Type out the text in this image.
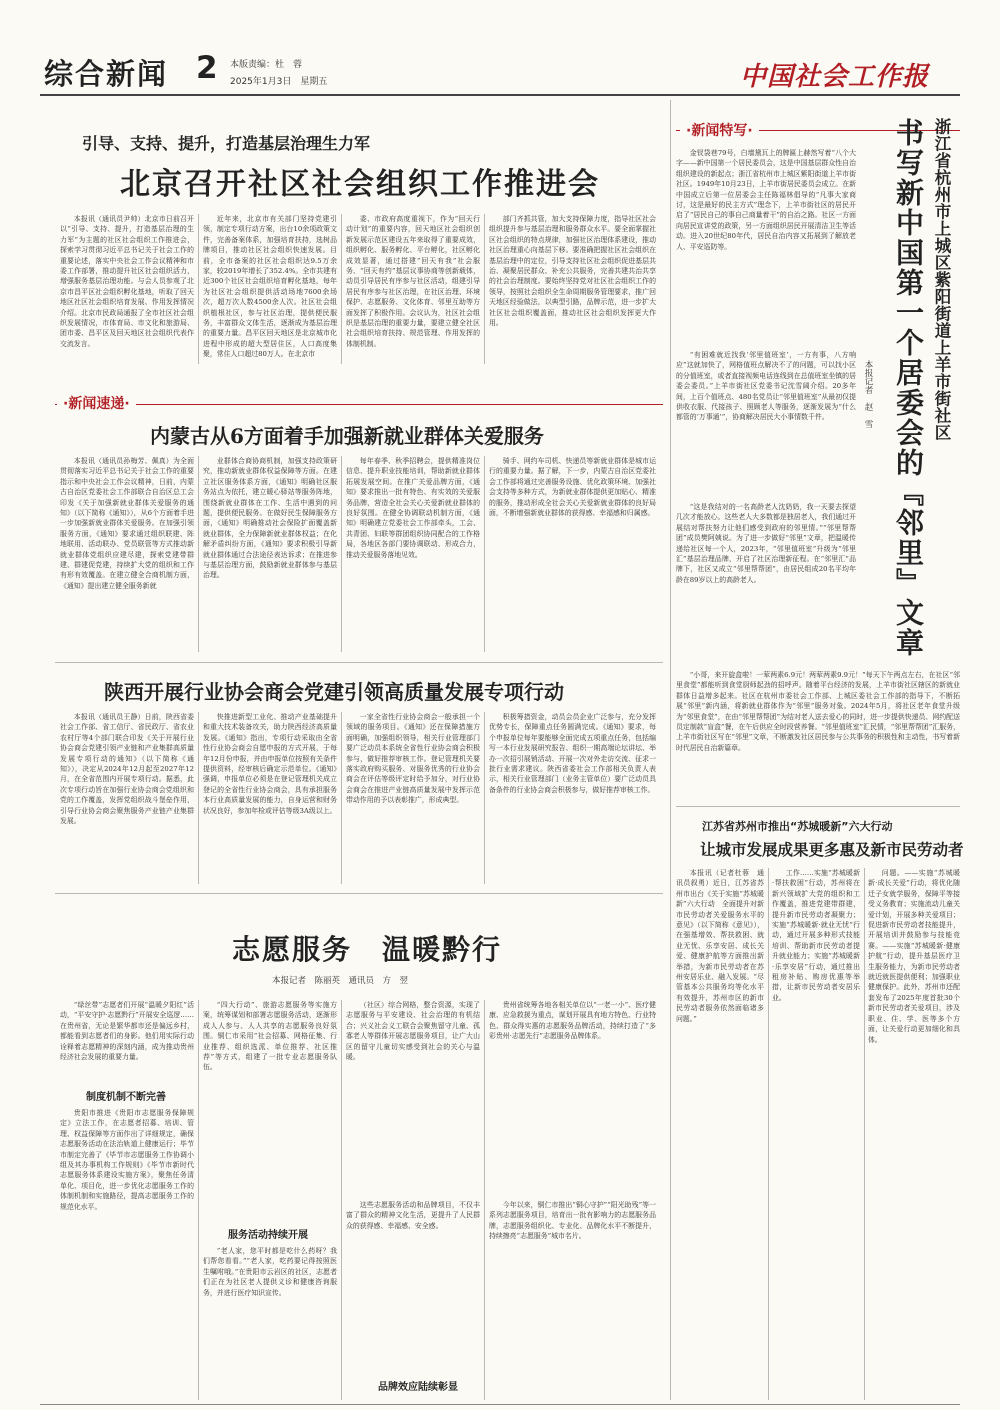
综合新闻 2 本版责编：杜　蓉
2025年1月3日　星期五	中国社会工作报
引导、支持、提升，打造基层治理生力军
北京召开社区社会组织工作推进会

本报讯（通讯员尹帅）北京市日前召开以“引导、支持、提升，打造基层治理的生力军”为主题的社区社会组织工作推进会，探索学习贯彻习近平总书记关于社会工作的重要论述，落实中央社会工作会议精神和市委工作部署，推动提升社区社会组织活力，增强服务基层治理功能。与会人员参观了北京市昌平区社会组织孵化基地，听取了回天地区社区社会组织培育发展、作用发挥情况介绍。北京市民政局通报了全市社区社会组织发展情况，市体育局、市文化和旅游局、团市委、昌平区及回天地区社会组织代表作交流发言。

近年来，北京市有关部门坚持党建引领，制定专项行动方案，出台10余项政策文件，完善备案体系，加强培育扶持，选树品牌项目，推动社区社会组织快速发展。目前，全市备案的社区社会组织达9.5万余家，较2019年增长了352.4%。全市共建有近300个社区社会组织培育孵化基地，每年为社区社会组织提供活动场地7600余场次，超万次人数4500余人次。社区社会组织植根社区，参与社区治理，提供便民服务，丰富群众文体生活，逐渐成为基层治理的重要力量。昌平区回天地区是北京城市化进程中形成的超大型居住区，人口高度集聚，常住人口超过80万人。在北京市

委、市政府高度重视下，作为“回天行动计划”的重要内容，回天地区社会组织创新发展示范区建设五年来取得了重要成效，组织孵化、服务孵化、平台孵化，社区孵化成效显著，通过搭建“回天有我”社会服务、“回天有约”基层议事协商等创新载体，动员引导居民有序参与社区活动，组建引导居民有序参与社区治理，在社区治理、环境保护、志愿服务、文化体育、邻里互助等方面发挥了积极作用。会议认为，社区社会组织是基层治理的重要力量，要建立健全社区社会组织培育扶持、规范管理、作用发挥的体制机制。

部门齐抓共管，加大支持保障力度，指导社区社会组织提升参与基层治理和服务群众水平。要全面掌握社区社会组织的特点规律，加强社区治理体系建设，推动社区治理重心向基层下移。要准确把握社区社会组织在基层治理中的定位，引导支持社区社会组织促进基层共治、凝聚居民群众、补充公共服务，完善共建共治共享的社会治理制度。要始终坚持党对社区社会组织工作的领导，按照社会组织全生命周期服务管理要求，推广回天地区经验做法，以典型引路，品牌示范，进一步扩大社区社会组织覆盖面，推动社区社会组织发挥更大作用。

·新闻速递·
内蒙古从6方面着手加强新就业群体关爱服务

本报讯（通讯员孙梅芳、佩真）为全面贯彻落实习近平总书记关于社会工作的重要指示和中央社会工作会议精神，日前，内蒙古自治区党委社会工作部联合自治区总工会印发《关于加强新就业群体关爱服务的通知》（以下简称《通知》），从6个方面着手进一步加强新就业群体关爱服务。在加强引领服务方面，《通知》要求通过组织联建、阵地联用、活动联办、党员联管等方式推动新就业群体党组织应建尽建，探索党建带群建、群建促党建，持续扩大党的组织和工作有形有效覆盖。在建立健全合商机制方面，《通知》提出建立健全服务新就

业群体合商协商机制，加强支持政策研究，推动新就业群体权益保障等方面。在建立社区服务体系方面，《通知》明确社区服务站点为依托，建立暖心驿站等服务阵地，围绕新就业群体在工作、生活中遇到的问题，提供便民服务。在做好民生保障服务方面，《通知》明确推动社会保险扩面覆盖新就业群体，全力保障新就业群体权益；在化解矛盾纠纷方面，《通知》要求积极引导新就业群体通过合法途径表达诉求；在推进参与基层治理方面，鼓励新就业群体参与基层治理。

每年春季、秋季招聘会，提供精准岗位信息、提升职业技能培训，帮助新就业群体拓展发展空间。在推广关爱品牌方面，《通知》要求推出一批有特色、有实效的关爱服务品牌，营造全社会关心关爱新就业群体的良好氛围。在健全协调联动机制方面，《通知》明确建立党委社会工作部牵头，工会、共青团、妇联等群团组织协同配合的工作格局，各地区各部门要协调联动、形成合力，推动关爱服务落地见效。

骑手、网约车司机、快递员等新就业群体是城市运行的重要力量。据了解，下一步，内蒙古自治区党委社会工作部将通过完善服务设施、优化政策环境、加强社会支持等多种方式，为新就业群体提供更加贴心、精准的服务，推动形成全社会关心关爱新就业群体的良好局面，不断增强新就业群体的获得感、幸福感和归属感。

陕西开展行业协会商会党建引领高质量发展专项行动

本报讯（通讯员王静）日前，陕西省委社会工作部、省工信厅、省民政厅、省农业农村厅等4个部门联合印发《关于开展行业协会商会党建引领产业链和产业集群高质量发展专项行动的通知》（以下简称《通知》），决定从2024年12月起至2027年12月，在全省范围内开展专项行动。据悉，此次专项行动旨在加强行业协会商会党组织和党的工作覆盖，发挥党组织战斗堡垒作用，引导行业协会商会聚焦服务产业链产业集群发展。

快推进新型工业化、推动产业基础提升和重大技术装备攻关，助力陕西经济高质量发展。《通知》指出，专项行动采取由全省性行业协会商会自愿申报的方式开展，于每年12月份申报，并由申报单位按照有关条件提供资料，经审核后确定示范单位。《通知》强调，申报单位必须是在登记管理机关成立登记的全省性行业协会商会，具有承担服务本行业高质量发展的能力，自身运营和财务状况良好，参加年检或评估等级3A级以上。

一家全省性行业协会商会一般承担一个领域的服务项目。《通知》还在保障措施方面明确，加强组织领导，相关行业管理部门要广泛动员本系统全省性行业协会商会积极参与，做好推荐审核工作。登记管理机关要落实政府购买服务、对服务优秀的行业协会商会在评估等级评定时给予加分，对行业协会商会在推进产业链高质量发展中发挥示范带动作用的予以表彰推广，形成典型。

积极筹措资金，动员会员企业广泛参与，充分发挥优势专长，保障重点任务圆满完成。《通知》要求，每个申报单位每年要能够全面完成五项重点任务，包括编写一本行业发展研究报告、组织一期高端论坛讲坛、举办一次招引展销活动、开展一次对外走访交流、征求一批行业需求建议。陕西省委社会工作部相关负责人表示，相关行业管理部门（业务主管单位）要广泛动员具备条件的行业协会商会积极参与，做好推荐审核工作。

志愿服务　温暖黔行
本报记者　陈丽英　通讯员　方　翌

“绿丝带”志愿者们开展“温暖夕阳红”活动，“平安守护·志愿黔行”开展安全巡逻……在贵州省，无论是繁华都市还是偏远乡村，都能看到志愿者们的身影。他们用实际行动诠释着志愿精神的深刻内涵，成为推动贵州经济社会发展的重要力量。

制度机制不断完善

贵阳市推进《贵阳市志愿服务保障规定》立法工作，在志愿者招募、培训、管理、权益保障等方面作出了详细规定，确保志愿服务活动在法治轨道上健康运行；毕节市制定完善了《毕节市志愿服务工作协调小组及其办事机构工作规则》《毕节市新时代志愿服务体系建设实施方案》，聚焦任务清单化、项目化，进一步优化志愿服务工作的体制机制和实施路径，提高志愿服务工作的规范化水平。

“四大行动”、旅游志愿服务等实施方案，统筹谋划和部署志愿服务活动，逐渐形成人人参与、人人共享的志愿服务良好氛围。铜仁市采用“社会招募、网格征集、行业推荐、组织选派、单位推荐、社区推荐”等方式，组建了一批专业志愿服务队伍。

服务活动持续开展

“老人家，您平时都是吃什么药呀？我们帮您看看。”“老人家，吃药要记得按照医生嘱咐哦。”在贵阳市云岩区的社区，志愿者们正在为社区老人提供义诊和健康咨询服务，并进行医疗知识宣传。

（社区）综合网格，整合资源，实现了志愿服务与平安建设、社会治理的有机结合；兴义社会义工联合会聚焦留守儿童、孤寡老人等群体开展志愿服务项目，让广大山区的留守儿童切实感受到社会的关心与温暖。

这些志愿服务活动和品牌项目，不仅丰富了群众的精神文化生活，更提升了人民群众的获得感、幸福感、安全感。

品牌效应陆续彰显

贵州省统筹各地各相关单位以“一老一小”、医疗健康、应急救援为重点，谋划开展具有地方特色、行业特色、群众得实惠的志愿服务品牌活动，持续打造了“多彩贵州·志愿先行”志愿服务品牌体系。

今年以来，铜仁市推出“铜心守护”“阳光助残”等一系列志愿服务项目，培育出一批有影响力的志愿服务品牌，志愿服务组织化、专业化、品牌化水平不断提升，持续擦亮“志愿服务”城市名片。

·新闻特写·	浙江省杭州市上城区紫阳街道上羊市街社区
书写新中国第一个居委会的『邻里』文章
本报记者　赵　雪

金钗袋巷79号，白墙黛瓦上的牌匾上赫然写着“八个大字——新中国第一个居民委员会，这是中国基层群众性自治组织建设的新起点；浙江省杭州市上城区紫阳街道上羊市街社区。1949年10月23日，上羊市街居民委员会成立。在新中国成立后第一位居委会主任陈福林倡导的“凡事大家商讨，这是最好的民主方式”理念下，上羊市街社区的居民开启了“居民自己的事自己商量着干”的自治之路。社区一方面向居民宣讲党的政策，另一方面组织居民开展清洁卫生等活动。进入20世纪80年代，居民自治内容又拓展到了解放老人、平安巡防等。

“有困难就近找我‘邻里值班室’，一方有事，八方响应”这就加快了，网格值班点解决不了的问题，可以找小区的分值班室，或者直接视频电话连线到在总值班室坐镇的居委会委员。”上羊市街社区党委书记沈雪阔介绍。20多年间，上百个值班点、480名党员让“邻里值班室”从最初仅提供收衣服、代接孩子、照顾老人等服务，逐渐发展为“什么都管的‘万事通’”，协商解决居民大小事情数千件。

“这是我结对的一名高龄老人沈奶奶，我一天要去探望几次才能放心。这些老人大多数都是独居老人，我们通过开展结对帮扶努力让他们感受到政府的邻里情。”“邻里帮帮团”成员樊阿姨说。为了进一步做好“邻里”文章，把温暖传递给社区每一个人，2023年，“邻里值班室”升级为“邻里汇”基层治理品牌，开启了社区治理新征程。在“邻里汇”品牌下，社区又成立“邻里帮帮团”，由居民组成20名平均年龄在89岁以上的高龄老人。

“小哥，来开旋盒啦！一荤两素6.9元！两荤两素9.9元！”每天下午两点左右，在社区“邻里食堂”都能听到食堂厨师起劲的招呼声。随着平台经济的发展，上羊市街社区辖区的新就业群体日益增多起来。社区在杭州市委社会工作部、上城区委社会工作部的指导下，不断拓展“邻里”新内涵，将新就业群体作为“邻里”服务对象。2024年5月，将社区老年食堂升级为“邻里食堂”，在由“邻里帮帮团”为结对老人送去爱心的同时，进一步提供快递员、网约配送员定制款“盲盒”餐，在午后供应全时段营养餐。“邻里值班室”汇民情，“邻里帮帮团”汇服务，上羊市街社区写在“邻里”文章，不断激发社区居民参与公共事务的积极性和主动性，书写着新时代居民自治新篇章。

江苏省苏州市推出“苏城暖新”六大行动
让城市发展成果更多惠及新市民劳动者

本报讯（记者杜蓉　通讯员叙勇）近日，江苏省苏州市出台《关于实施“苏城暖新”六大行动　全面提升对新市民劳动者关爱服务水平的意见》（以下简称《意见》），在强基增效、帮扶救困、就业无忧、乐享安居、成长关爱、健康护航等方面推出新举措，为新市民劳动者在苏州安居乐业、融入发展。“尽管基本公共服务均等化水平有效提升，苏州市区的新市民劳动者服务依然面临诸多问题。”

工作……实施“苏城暖新·帮扶救困”行动，苏州将在新兴领域扩大党的组织和工作覆盖，推进党建带群建，提升新市民劳动者凝聚力；实施“苏城暖新·就业无忧”行动，通过开展多种形式技能培训、帮助新市民劳动者提升就业能力；实施“苏城暖新·乐享安居”行动，通过推出租房补贴、购房优惠等举措，让新市民劳动者安居乐业。

问题。——实施“苏城暖新·成长关爱”行动，将优化随迁子女就学服务，保障平等接受义务教育；实施流动儿童关爱计划，开展多种关爱项目；促进新市民劳动者技能提升，开展培训并鼓励参与技能竞赛。——实施“苏城暖新·健康护航”行动，提升基层医疗卫生服务能力，为新市民劳动者就近就医提供便利；加强职业健康保护。此外，苏州市还配套发布了2025年度首批30个新市民劳动者关爱项目，涉及职业、住、学、医等多个方面，让关爱行动更加细化和具体。
